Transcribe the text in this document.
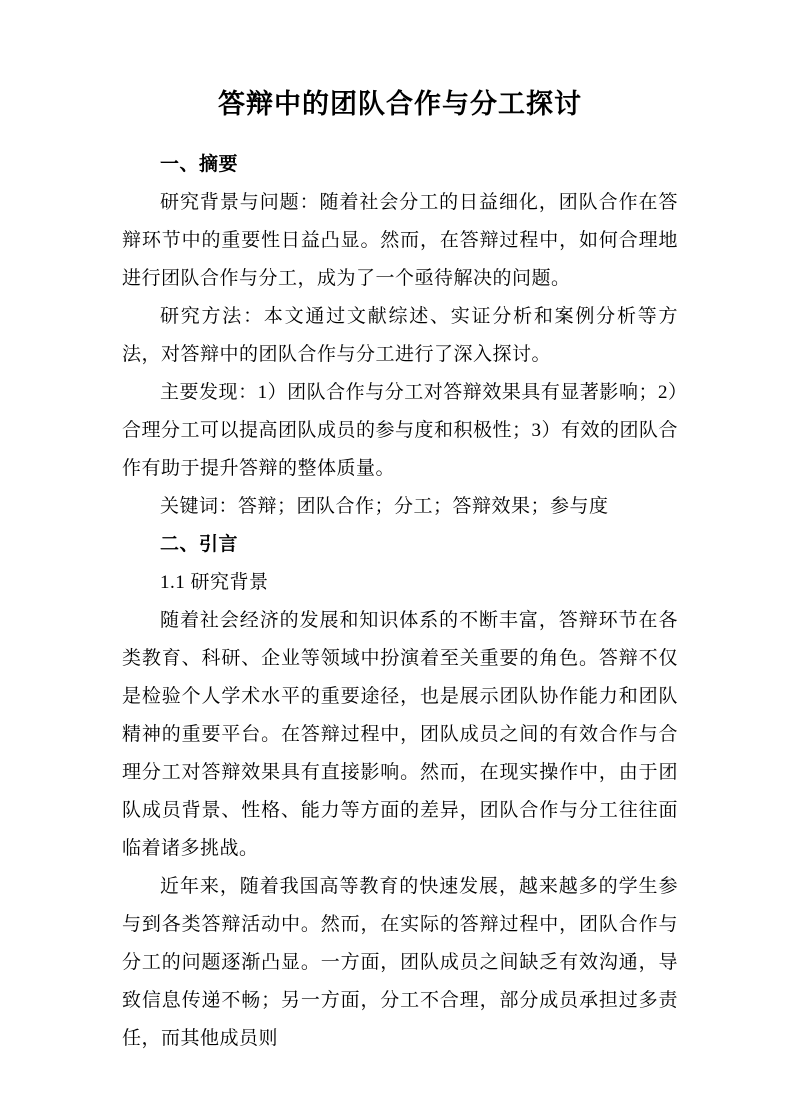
答辩中的团队合作与分工探讨

一、摘要

研究背景与问题：随着社会分工的日益细化，团队合作在答辩环节中的重要性日益凸显。然而，在答辩过程中，如何合理地进行团队合作与分工，成为了一个亟待解决的问题。

研究方法：本文通过文献综述、实证分析和案例分析等方法，对答辩中的团队合作与分工进行了深入探讨。

主要发现：1）团队合作与分工对答辩效果具有显著影响；2）合理分工可以提高团队成员的参与度和积极性；3）有效的团队合作有助于提升答辩的整体质量。

关键词：答辩；团队合作；分工；答辩效果；参与度

二、引言

1.1 研究背景

随着社会经济的发展和知识体系的不断丰富，答辩环节在各类教育、科研、企业等领域中扮演着至关重要的角色。答辩不仅是检验个人学术水平的重要途径，也是展示团队协作能力和团队精神的重要平台。在答辩过程中，团队成员之间的有效合作与合理分工对答辩效果具有直接影响。然而，在现实操作中，由于团队成员背景、性格、能力等方面的差异，团队合作与分工往往面临着诸多挑战。

近年来，随着我国高等教育的快速发展，越来越多的学生参与到各类答辩活动中。然而，在实际的答辩过程中，团队合作与分工的问题逐渐凸显。一方面，团队成员之间缺乏有效沟通，导致信息传递不畅；另一方面，分工不合理，部分成员承担过多责任，而其他成员则
